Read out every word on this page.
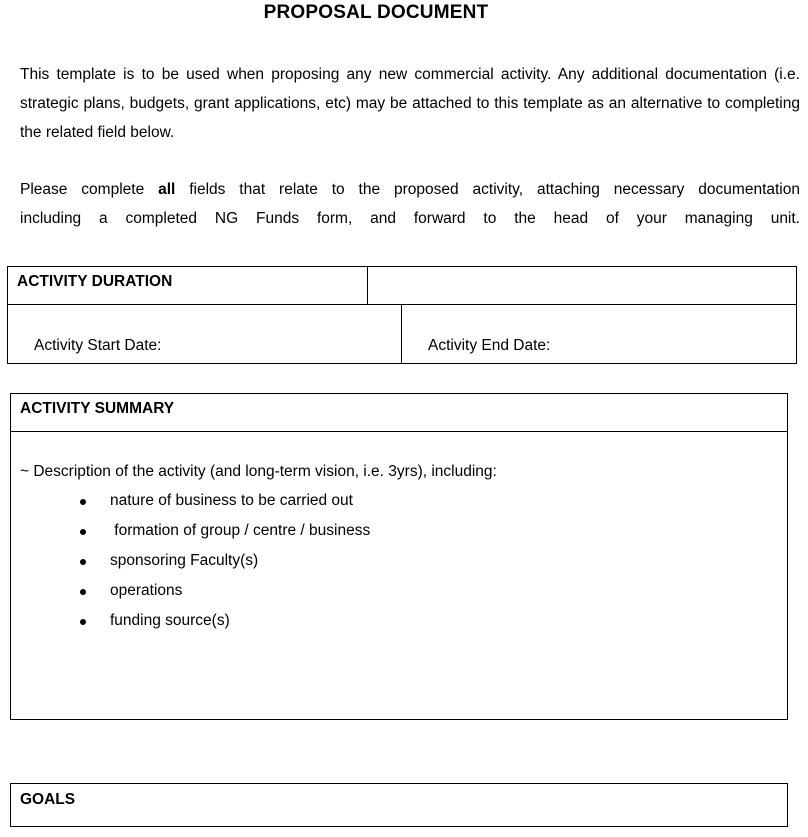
PROPOSAL DOCUMENT
This template is to be used when proposing any new commercial activity. Any additional documentation (i.e. strategic plans, budgets, grant applications, etc) may be attached to this template as an alternative to completing the related field below.
Please complete all fields that relate to the proposed activity, attaching necessary documentation
including a completed NG Funds form, and forward to the head of your managing unit.
ACTIVITY DURATION
Activity Start Date:	Activity End Date:
ACTIVITY SUMMARY
~ Description of the activity (and long-term vision, i.e. 3yrs), including:
nature of business to be carried out
formation of group / centre / business
sponsoring Faculty(s)
operations
funding source(s)
GOALS
